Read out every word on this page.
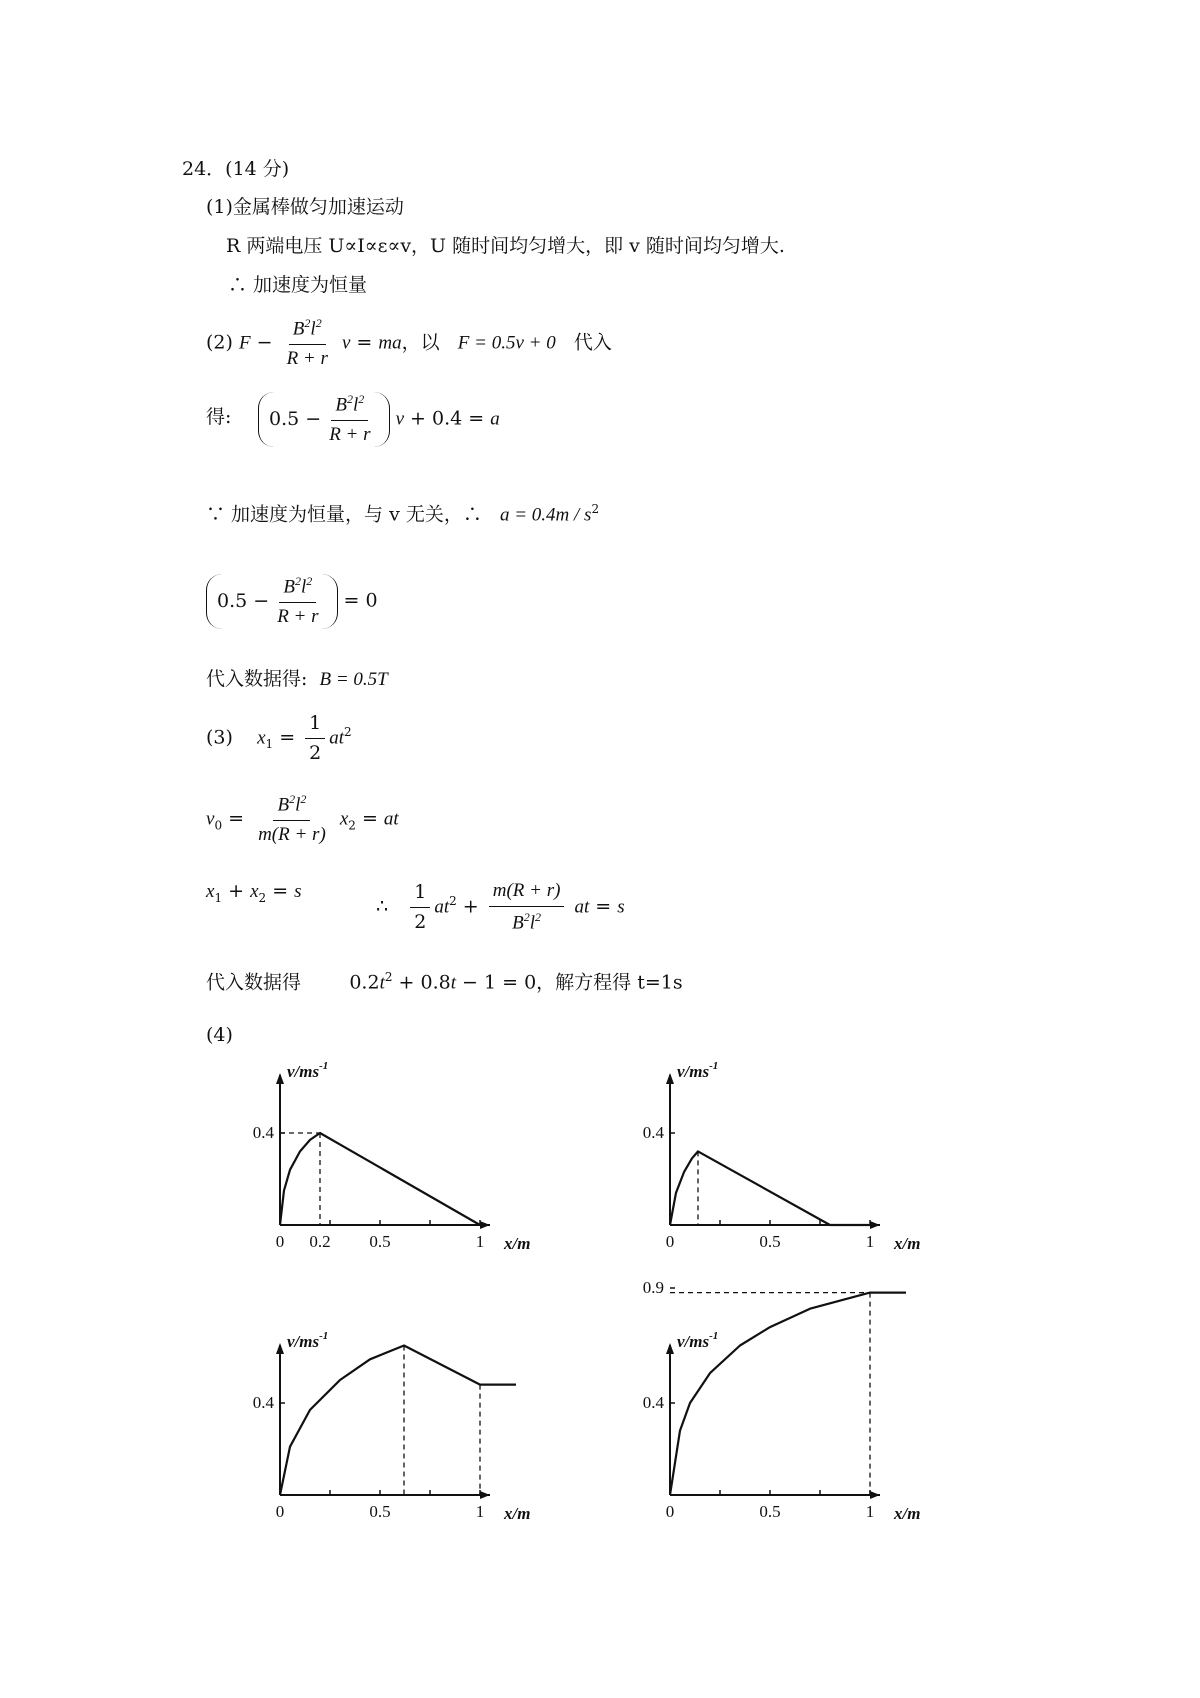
24．(14 分)
(1)金属棒做匀加速运动
R 两端电压 U∝I∝ε∝v，U 随时间均匀增大，即 v 随时间均匀增大.
∴ 加速度为恒量
(2) $F - \frac{B^2l^2}{R + r}$ v = ma，以 F = 0.5v + 0 代入
得:	$0.5 - \frac{B^2l^2}{R + r}$ v + 0.4 = a
∵ 加速度为恒量，与 v 无关，∴ $a = 0.4m / s^2$
$0.5 - \frac{B^2l^2}{R + r} = 0$
代入数据得: B = 0.5T
(3) $x_1 = \frac{1}{2} at^2$
$v_0 = \frac{B^2l^2}{m(R + r)} x_2$ = at
$x_1 + x_2 = s$
∴ $\frac{1}{2} at^2 + \frac{m(R + r)}{B^2l^2}$ at = s
代入数据得        $0.2t^2 + 0.8t - 1 = 0$，解方程得 t=1s
(4)
$v/ms^{-1}$
x/m
0 0.2 0.5	1
0.4
$v/ms^{-1}$
x/m
0	0.5	1
0.4
$v/ms^{-1}$
x/m
0	0.5	1
0.4
$v/ms^{-1}$
x/m
0	0.5	1
0.9
0.4
